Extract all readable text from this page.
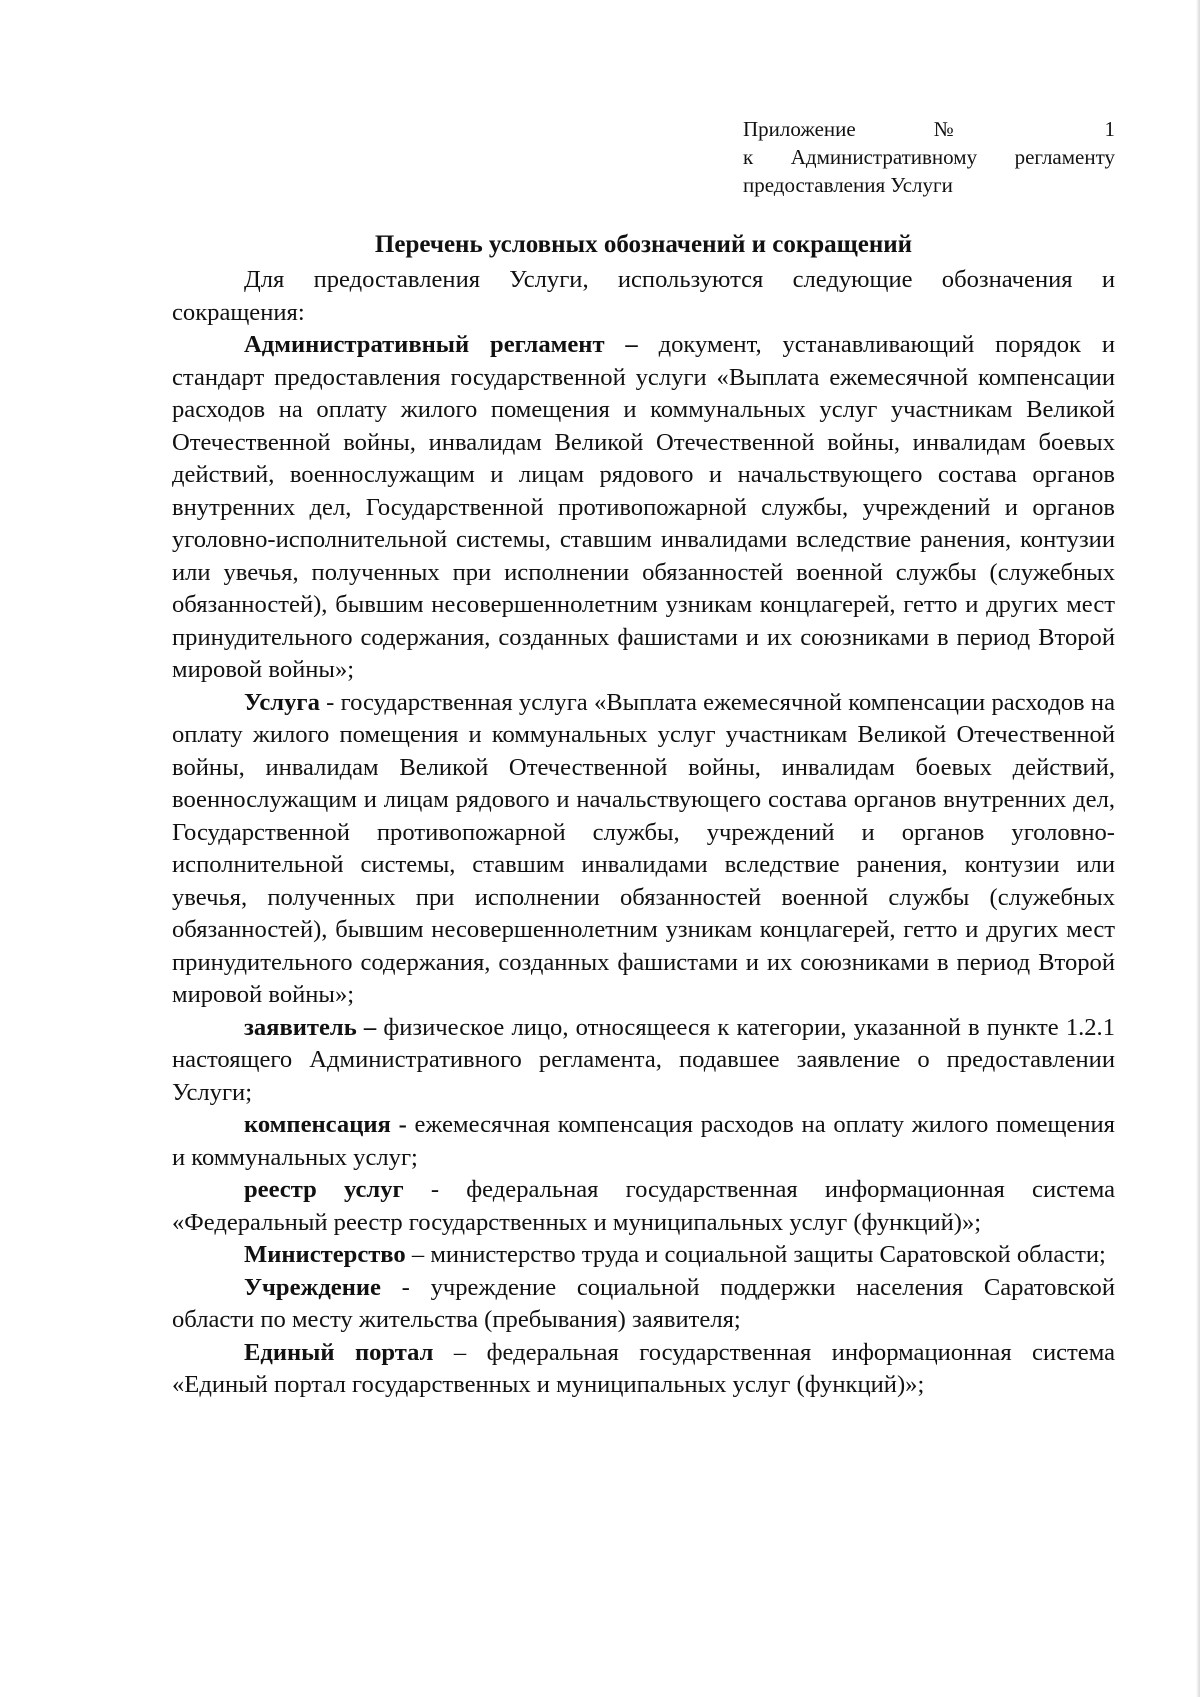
Приложение № 1
к Административному регламенту
предоставления Услуги
Перечень условных обозначений и сокращений

Для предоставления Услуги, используются следующие обозначения и сокращения:

Административный регламент – документ, устанавливающий порядок и стандарт предоставления государственной услуги «Выплата ежемесячной компенсации расходов на оплату жилого помещения и коммунальных услуг участникам Великой Отечественной войны, инвалидам Великой Отечественной войны, инвалидам боевых действий, военнослужащим и лицам рядового и начальствующего состава органов внутренних дел, Государственной противопожарной службы, учреждений и органов уголовно-исполнительной системы, ставшим инвалидами вследствие ранения, контузии или увечья, полученных при исполнении обязанностей военной службы (служебных обязанностей), бывшим несовершеннолетним узникам концлагерей, гетто и других мест принудительного содержания, созданных фашистами и их союзниками в период Второй мировой войны»;

Услуга - государственная услуга «Выплата ежемесячной компенсации расходов на оплату жилого помещения и коммунальных услуг участникам Великой Отечественной войны, инвалидам Великой Отечественной войны, инвалидам боевых действий, военнослужащим и лицам рядового и начальствующего состава органов внутренних дел, Государственной противопожарной службы, учреждений и органов уголовно-исполнительной системы, ставшим инвалидами вследствие ранения, контузии или увечья, полученных при исполнении обязанностей военной службы (служебных обязанностей), бывшим несовершеннолетним узникам концлагерей, гетто и других мест принудительного содержания, созданных фашистами и их союзниками в период Второй мировой войны»;

заявитель – физическое лицо, относящееся к категории, указанной в пункте 1.2.1 настоящего Административного регламента, подавшее заявление о предоставлении Услуги;

компенсация - ежемесячная компенсация расходов на оплату жилого помещения и коммунальных услуг;

реестр услуг - федеральная государственная информационная система «Федеральный реестр государственных и муниципальных услуг (функций)»;

Министерство – министерство труда и социальной защиты Саратовской области;

Учреждение - учреждение социальной поддержки населения Саратовской области по месту жительства (пребывания) заявителя;

Единый портал – федеральная государственная информационная система «Единый портал государственных и муниципальных услуг (функций)»;
